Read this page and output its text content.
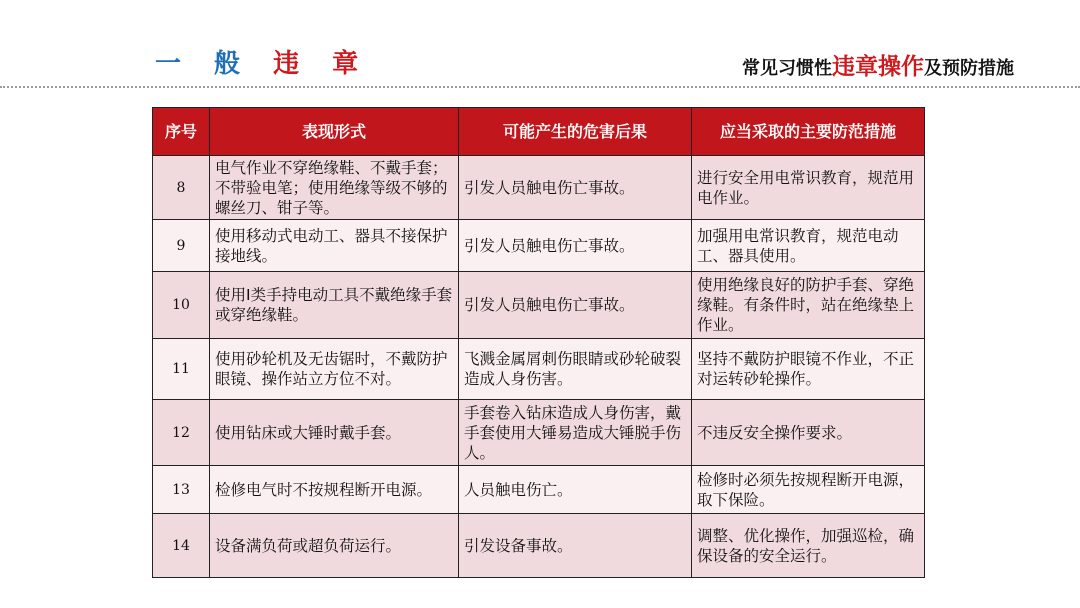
一 般 违 章	常见习惯性违章操作及预防措施
序号	表现形式	可能产生的危害后果	应当采取的主要防范措施
8	电气作业不穿绝缘鞋、不戴手套；不带验电笔；使用绝缘等级不够的螺丝刀、钳子等。	引发人员触电伤亡事故。	进行安全用电常识教育，规范用电作业。
9	使用移动式电动工、器具不接保护接地线。	引发人员触电伤亡事故。	加强用电常识教育，规范电动工、器具使用。
10	使用I类手持电动工具不戴绝缘手套或穿绝缘鞋。	引发人员触电伤亡事故。	使用绝缘良好的防护手套、穿绝缘鞋。有条件时，站在绝缘垫上作业。
11	使用砂轮机及无齿锯时，不戴防护眼镜、操作站立方位不对。	飞溅金属屑刺伤眼睛或砂轮破裂造成人身伤害。	坚持不戴防护眼镜不作业，不正对运转砂轮操作。
12	使用钻床或大锤时戴手套。	手套卷入钻床造成人身伤害，戴手套使用大锤易造成大锤脱手伤人。	不违反安全操作要求。
13	检修电气时不按规程断开电源。	人员触电伤亡。	检修时必须先按规程断开电源，取下保险。
14	设备满负荷或超负荷运行。	引发设备事故。	调整、优化操作，加强巡检，确保设备的安全运行。
